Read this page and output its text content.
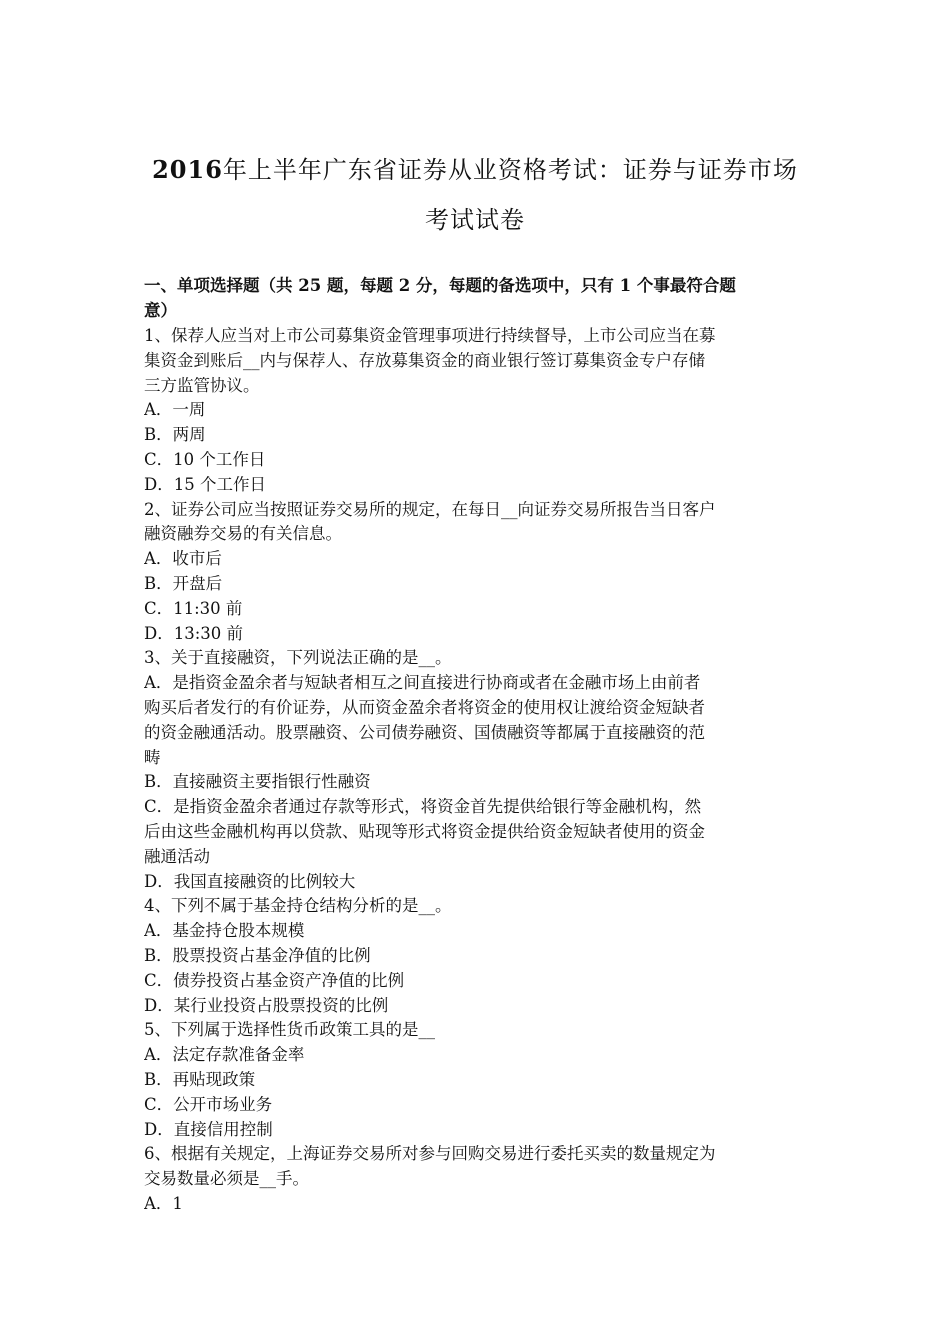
2016年上半年广东省证券从业资格考试：证券与证券市场
考试试卷
一、单项选择题（共 25 题，每题 2 分，每题的备选项中，只有 1 个事最符合题
意）
1、保荐人应当对上市公司募集资金管理事项进行持续督导，上市公司应当在募
集资金到账后__内与保荐人、存放募集资金的商业银行签订募集资金专户存储
三方监管协议。
A．一周
B．两周
C．10 个工作日
D．15 个工作日
2、证券公司应当按照证券交易所的规定，在每日__向证券交易所报告当日客户
融资融券交易的有关信息。
A．收市后
B．开盘后
C．11:30 前
D．13:30 前
3、关于直接融资，下列说法正确的是__。
A．是指资金盈余者与短缺者相互之间直接进行协商或者在金融市场上由前者
购买后者发行的有价证券，从而资金盈余者将资金的使用权让渡给资金短缺者
的资金融通活动。股票融资、公司债券融资、国债融资等都属于直接融资的范
畴
B．直接融资主要指银行性融资
C．是指资金盈余者通过存款等形式，将资金首先提供给银行等金融机构，然
后由这些金融机构再以贷款、贴现等形式将资金提供给资金短缺者使用的资金
融通活动
D．我国直接融资的比例较大
4、下列不属于基金持仓结构分析的是__。
A．基金持仓股本规模
B．股票投资占基金净值的比例
C．债券投资占基金资产净值的比例
D．某行业投资占股票投资的比例
5、下列属于选择性货币政策工具的是__
A．法定存款准备金率
B．再贴现政策
C．公开市场业务
D．直接信用控制
6、根据有关规定，上海证券交易所对参与回购交易进行委托买卖的数量规定为
交易数量必须是__手。
A．1
